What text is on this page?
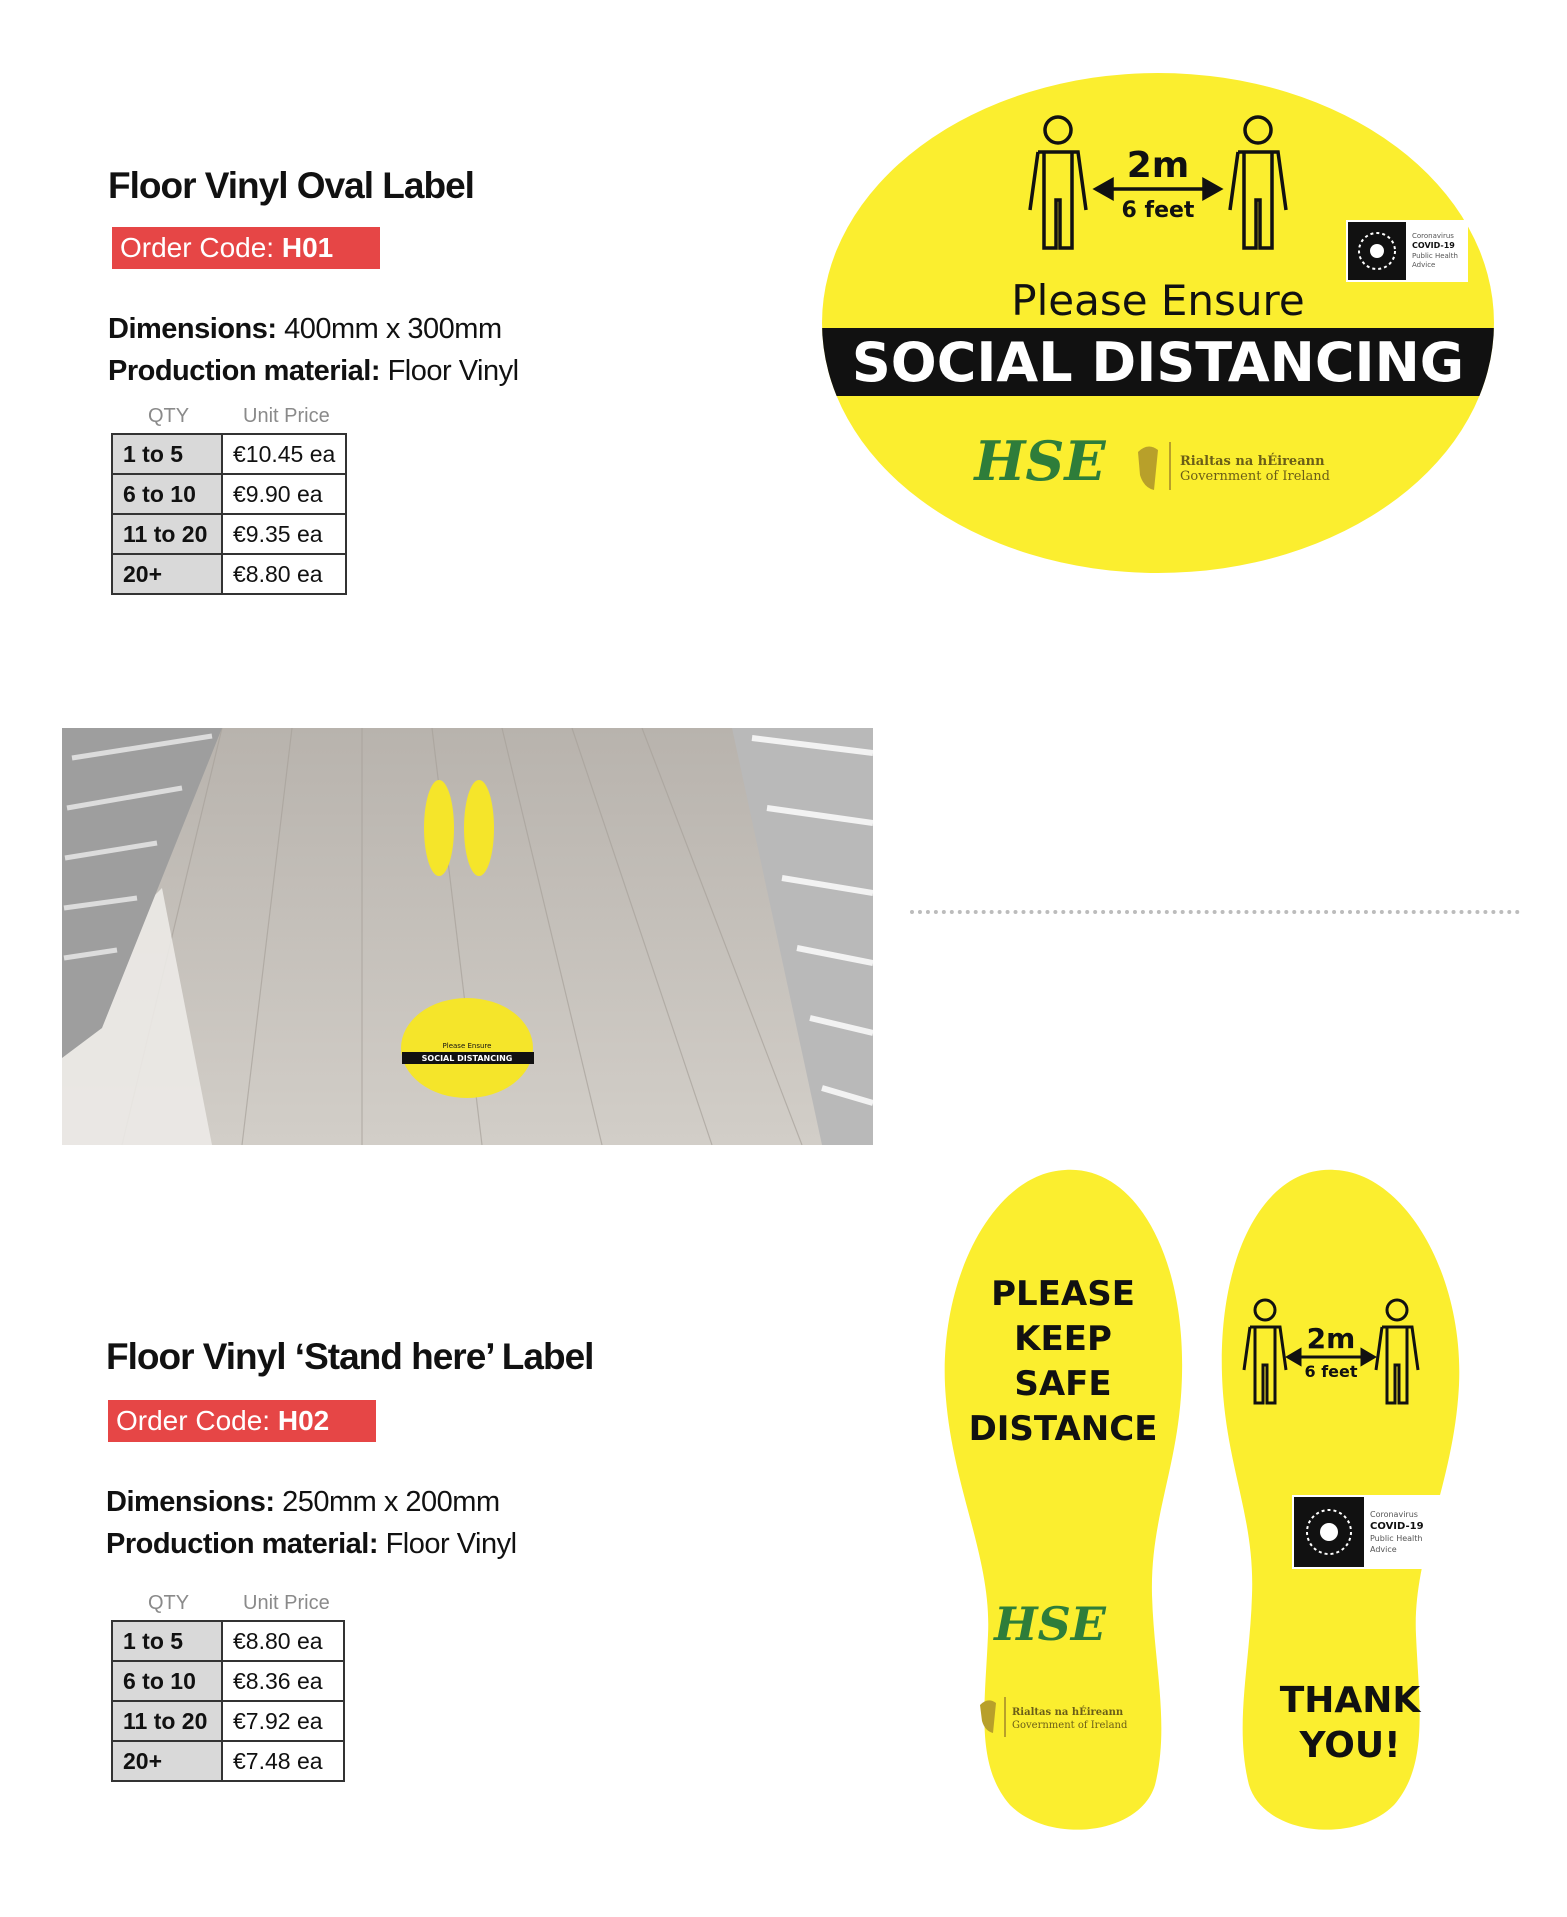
Floor Vinyl Oval Label
Order Code: H01
Dimensions: 400mm x 300mm
Production material: Floor Vinyl
QTY	Unit Price
1 to 5	€10.45 ea
6 to 10	€9.90 ea
11 to 20	€9.35 ea
20+	€8.80 ea
2m
6 feet
Coronavirus
COVID-19
Public Health
Advice
Please Ensure
SOCIAL DISTANCING
HSE	Rialtas na hÉireann
Government of Ireland
Please Ensure
SOCIAL DISTANCING
Floor Vinyl ‘Stand here’ Label
Order Code: H02
Dimensions: 250mm x 200mm
Production material: Floor Vinyl
QTY	Unit Price
1 to 5	€8.80 ea
6 to 10	€8.36 ea
11 to 20	€7.92 ea
20+	€7.48 ea
PLEASE
KEEP
SAFE
DISTANCE
HSE
Rialtas na hÉireann
Government of Ireland
2m
6 feet
Coronavirus
COVID-19
Public Health
Advice
THANK
YOU!
